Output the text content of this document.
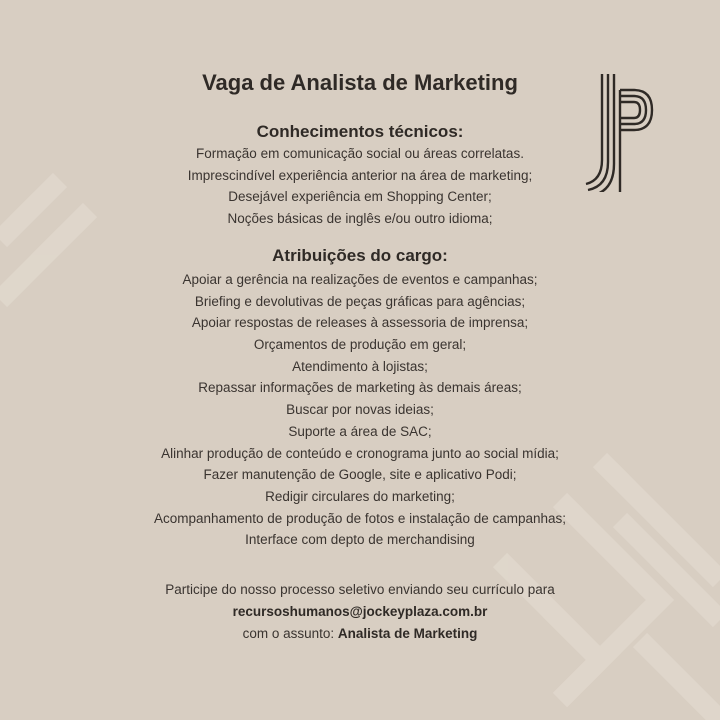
Vaga de Analista de Marketing
Conhecimentos técnicos:
Formação em comunicação social ou áreas correlatas.
Imprescindível experiência anterior na área de marketing;
Desejável experiência em Shopping Center;
Noções básicas de inglês e/ou outro idioma;
Atribuições do cargo:
Apoiar a gerência na realizações de eventos e campanhas;
Briefing e devolutivas de peças gráficas para agências;
Apoiar respostas de releases à assessoria de imprensa;
Orçamentos de produção em geral;
Atendimento à lojistas;
Repassar informações de marketing às demais áreas;
Buscar por novas ideias;
Suporte a área de SAC;
Alinhar produção de conteúdo e cronograma junto ao social mídia;
Fazer manutenção de Google, site e aplicativo Podi;
Redigir circulares do marketing;
Acompanhamento de produção de fotos e instalação de campanhas;
Interface com depto de merchandising
Participe do nosso processo seletivo enviando seu currículo para
recursoshumanos@jockeyplaza.com.br
com o assunto: Analista de Marketing
